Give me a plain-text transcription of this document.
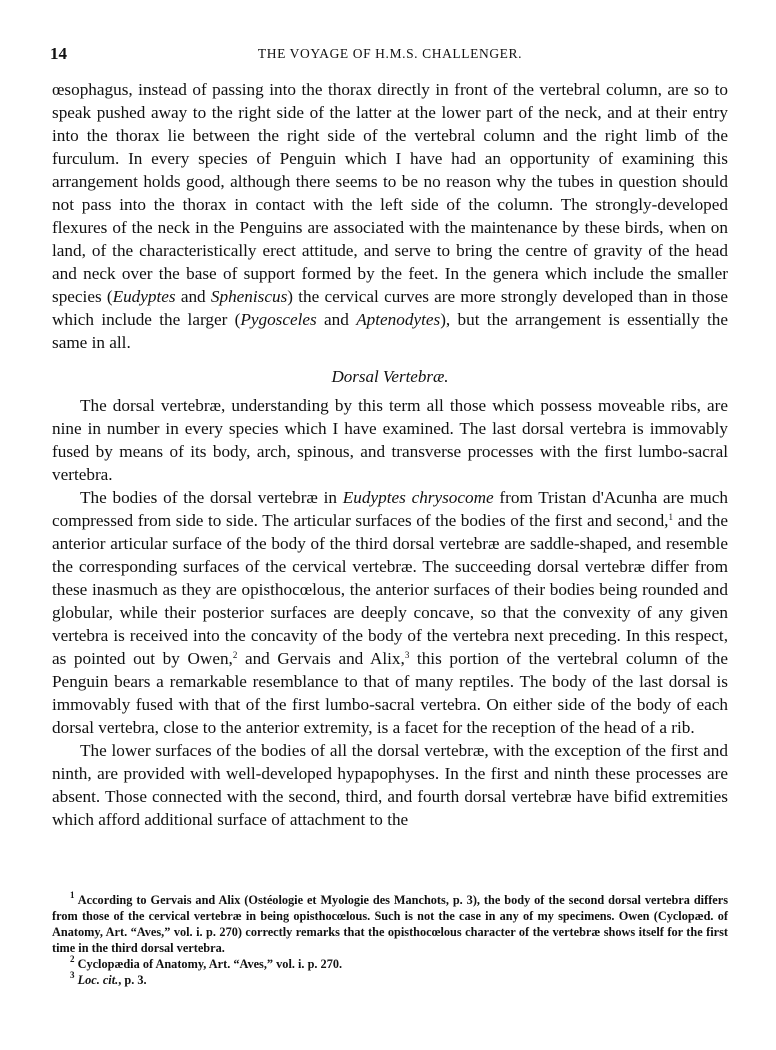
14	THE VOYAGE OF H.M.S. CHALLENGER.

œsophagus, instead of passing into the thorax directly in front of the vertebral column, are so to speak pushed away to the right side of the latter at the lower part of the neck, and at their entry into the thorax lie between the right side of the vertebral column and the right limb of the furculum. In every species of Penguin which I have had an opportunity of examining this arrangement holds good, although there seems to be no reason why the tubes in question should not pass into the thorax in contact with the left side of the column. The strongly-developed flexures of the neck in the Penguins are associated with the maintenance by these birds, when on land, of the characteristically erect attitude, and serve to bring the centre of gravity of the head and neck over the base of support formed by the feet. In the genera which include the smaller species (Eudyptes and Spheniscus) the cervical curves are more strongly developed than in those which include the larger (Pygosceles and Aptenodytes), but the arrangement is essentially the same in all.

Dorsal Vertebræ.

The dorsal vertebræ, understanding by this term all those which possess moveable ribs, are nine in number in every species which I have examined. The last dorsal vertebra is immovably fused by means of its body, arch, spinous, and transverse processes with the first lumbo-sacral vertebra.

The bodies of the dorsal vertebræ in Eudyptes chrysocome from Tristan d'Acunha are much compressed from side to side. The articular surfaces of the bodies of the first and second,$^1$ and the anterior articular surface of the body of the third dorsal vertebræ are saddle-shaped, and resemble the corresponding surfaces of the cervical vertebræ. The succeeding dorsal vertebræ differ from these inasmuch as they are opisthocœlous, the anterior surfaces of their bodies being rounded and globular, while their posterior surfaces are deeply concave, so that the convexity of any given vertebra is received into the concavity of the body of the vertebra next preceding. In this respect, as pointed out by Owen,$^2$ and Gervais and Alix,$^3$ this portion of the vertebral column of the Penguin bears a remarkable resemblance to that of many reptiles. The body of the last dorsal is immovably fused with that of the first lumbo-sacral vertebra. On either side of the body of each dorsal vertebra, close to the anterior extremity, is a facet for the reception of the head of a rib.

The lower surfaces of the bodies of all the dorsal vertebræ, with the exception of the first and ninth, are provided with well-developed hypapophyses. In the first and ninth these processes are absent. Those connected with the second, third, and fourth dorsal vertebræ have bifid extremities which afford additional surface of attachment to the

$^1$ According to Gervais and Alix (Ostéologie et Myologie des Manchots, p. 3), the body of the second dorsal vertebra differs from those of the cervical vertebræ in being opisthocœlous. Such is not the case in any of my specimens. Owen (Cyclopæd. of Anatomy, Art. “Aves,” vol. i. p. 270) correctly remarks that the opisthocœlous character of the vertebræ shows itself for the first time in the third dorsal vertebra.

$^2$ Cyclopædia of Anatomy, Art. “Aves,” vol. i. p. 270.

$^3$ Loc. cit., p. 3.
